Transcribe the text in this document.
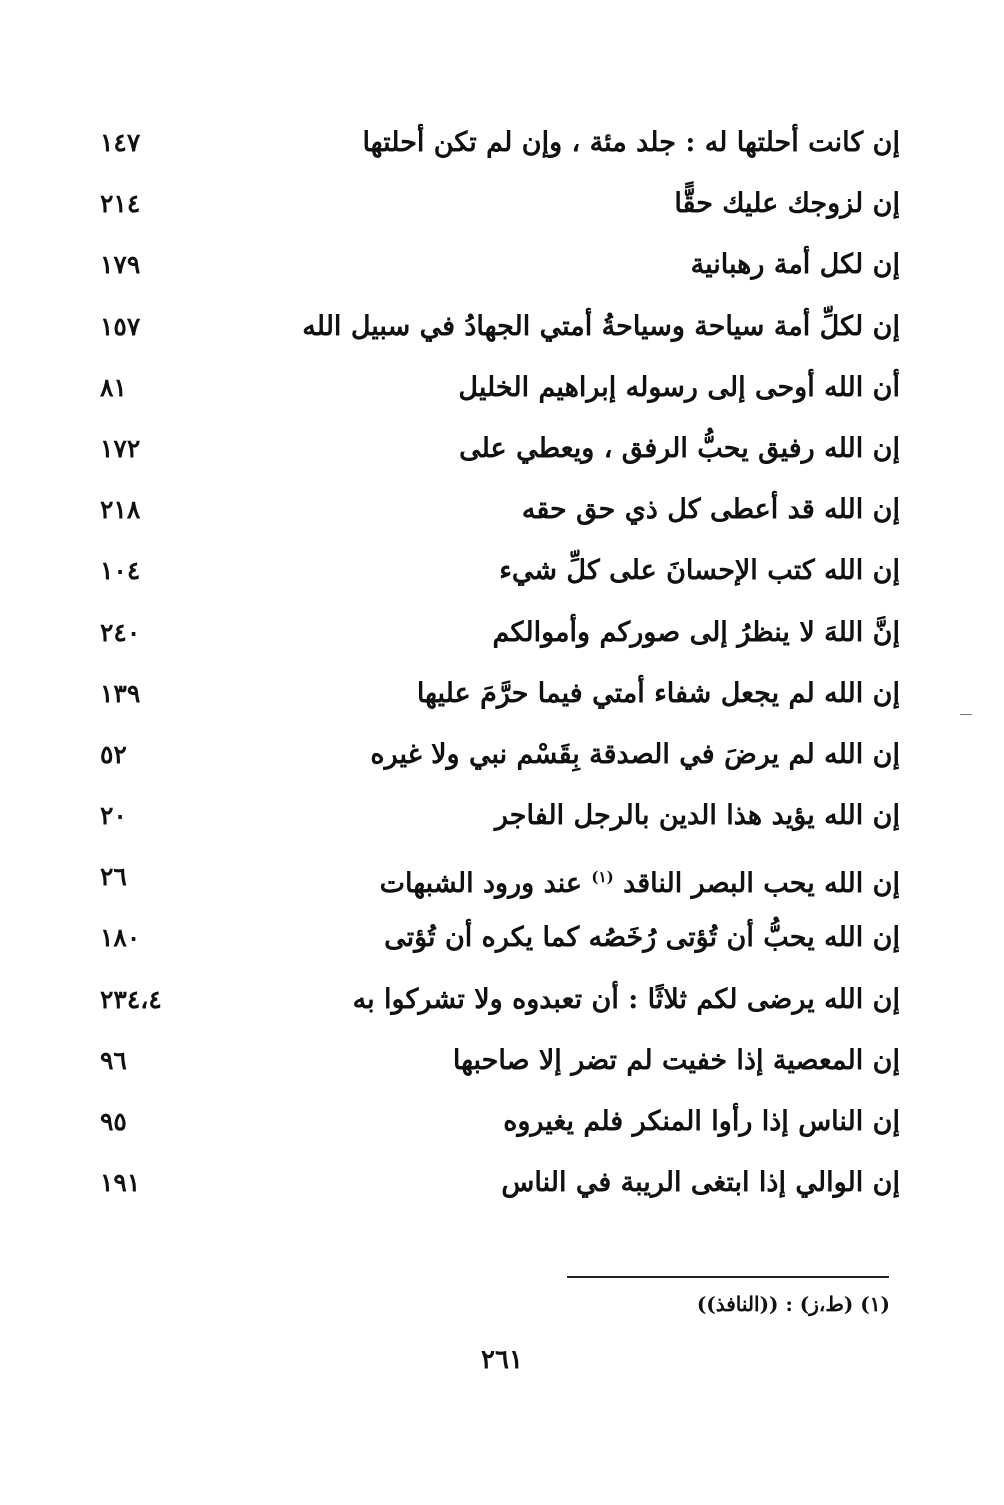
إن كانت أحلتها له : جلد مئة ، وإن لم تكن أحلتها
١٤٧
إن لزوجك عليك حقًّا
٢١٤
إن لكل أمة رهبانية
١٧٩
إن لكلِّ أمة سياحة وسياحةُ أمتي الجهادُ في سبيل الله
١٥٧
أن الله أوحى إلى رسوله إبراهيم الخليل
٨١
إن الله رفيق يحبُّ الرفق ، ويعطي على
١٧٢
إن الله قد أعطى كل ذي حق حقه
٢١٨
إن الله كتب الإحسانَ على كلِّ شيء
١٠٤
إنَّ اللهَ لا ينظرُ إلى صوركم وأموالكم
٢٤٠
إن الله لم يجعل شفاء أمتي فيما حرَّمَ عليها
١٣٩
إن الله لم يرضَ في الصدقة بِقَسْم نبي ولا غيره
٥٢
إن الله يؤيد هذا الدين بالرجل الفاجر
٢٠
إن الله يحب البصر الناقد $^{(١)}$ عند ورود الشبهات
٢٦
إن الله يحبُّ أن تُؤتى رُخَصُه كما يكره أن تُؤتى
١٨٠
إن الله يرضى لكم ثلاثًا : أن تعبدوه ولا تشركوا به
٢٣٤،٤
إن المعصية إذا خفيت لم تضر إلا صاحبها
٩٦
إن الناس إذا رأوا المنكر فلم يغيروه
٩٥
إن الوالي إذا ابتغى الريبة في الناس
١٩١
(١) (ط،ز) : ((النافذ))
٢٦١
